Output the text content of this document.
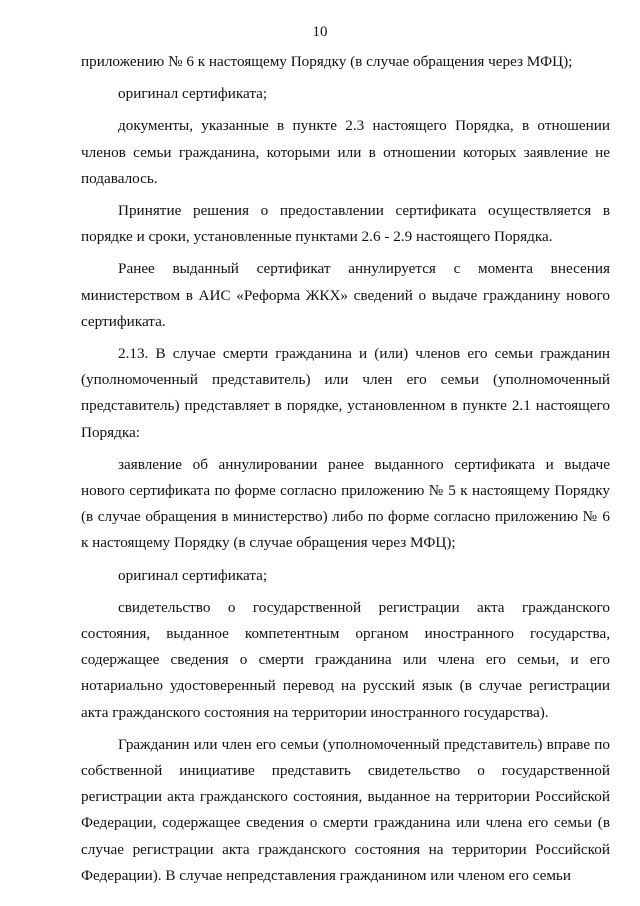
10

приложению № 6 к настоящему Порядку (в случае обращения через МФЦ);

оригинал сертификата;

документы, указанные в пункте 2.3 настоящего Порядка, в отношении членов семьи гражданина, которыми или в отношении которых заявление не подавалось.

Принятие решения о предоставлении сертификата осуществляется в порядке и сроки, установленные пунктами 2.6 - 2.9 настоящего Порядка.

Ранее выданный сертификат аннулируется с момента внесения министерством в АИС «Реформа ЖКХ» сведений о выдаче гражданину нового сертификата.

2.13. В случае смерти гражданина и (или) членов его семьи гражданин (уполномоченный представитель) или член его семьи (уполномоченный представитель) представляет в порядке, установленном в пункте 2.1 настоящего Порядка:

заявление об аннулировании ранее выданного сертификата и выдаче нового сертификата по форме согласно приложению № 5 к настоящему Порядку (в случае обращения в министерство) либо по форме согласно приложению № 6 к настоящему Порядку (в случае обращения через МФЦ);

оригинал сертификата;

свидетельство о государственной регистрации акта гражданского состояния, выданное компетентным органом иностранного государства, содержащее сведения о смерти гражданина или члена его семьи, и его нотариально удостоверенный перевод на русский язык (в случае регистрации акта гражданского состояния на территории иностранного государства).

Гражданин или член его семьи (уполномоченный представитель) вправе по собственной инициативе представить свидетельство о государственной регистрации акта гражданского состояния, выданное на территории Российской Федерации, содержащее сведения о смерти гражданина или члена его семьи (в случае регистрации акта гражданского состояния на территории Российской Федерации). В случае непредставления гражданином или членом его семьи
